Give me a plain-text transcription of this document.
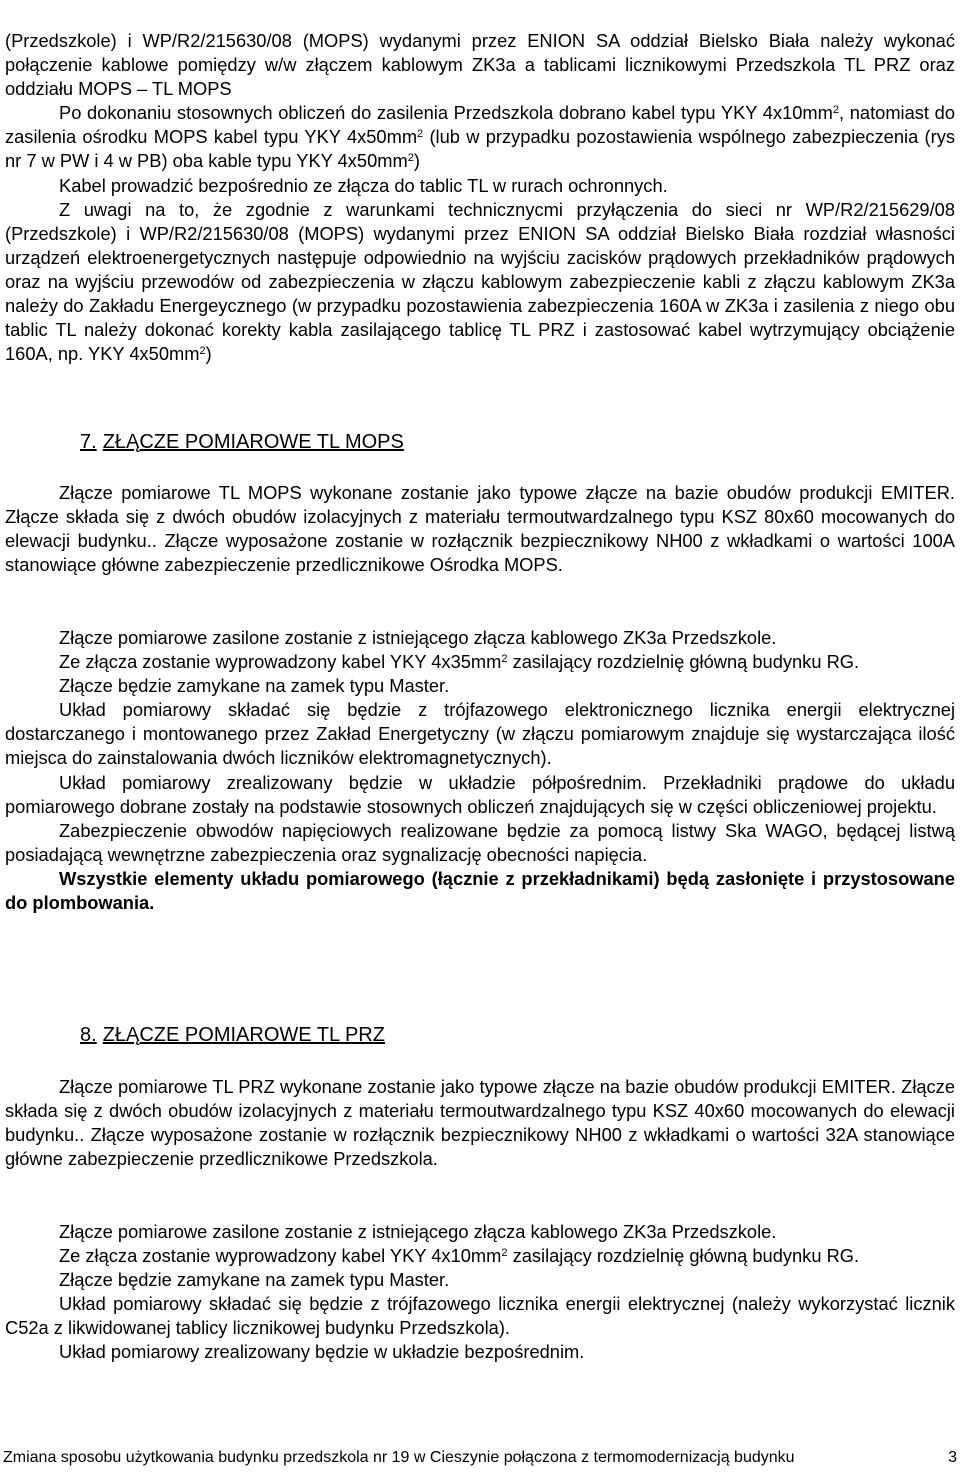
(Przedszkole) i WP/R2/215630/08 (MOPS) wydanymi przez ENION SA oddział Bielsko Biała należy wykonać połączenie kablowe pomiędzy w/w złączem kablowym ZK3a a tablicami licznikowymi Przedszkola TL PRZ oraz oddziału MOPS – TL MOPS

Po dokonaniu stosownych obliczeń do zasilenia Przedszkola dobrano kabel typu YKY $4x10mm^2$, natomiast do zasilenia ośrodku MOPS kabel typu YKY $4x50mm^2$ (lub w przypadku pozostawienia wspólnego zabezpieczenia (rys nr 7 w PW i 4 w PB) oba kable typu YKY $4x50mm^2$)

Kabel prowadzić bezpośrednio ze złącza do tablic TL w rurach ochronnych.

Z uwagi na to, że zgodnie z warunkami technicznycmi przyłączenia do sieci nr WP/R2/215629/08 (Przedszkole) i WP/R2/215630/08 (MOPS) wydanymi przez ENION SA oddział Bielsko Biała rozdział własności urządzeń elektroenergetycznych następuje odpowiednio na wyjściu zacisków prądowych przekładników prądowych oraz na wyjściu przewodów od zabezpieczenia w złączu kablowym zabezpieczenie kabli z złączu kablowym ZK3a należy do Zakładu Energeycznego (w przypadku pozostawienia zabezpieczenia 160A w ZK3a i zasilenia z niego obu tablic TL należy dokonać korekty kabla zasilającego tablicę TL PRZ i zastosować kabel wytrzymujący obciążenie 160A, np. YKY $4x50mm^2$)

7. ZŁĄCZE POMIAROWE TL MOPS

Złącze pomiarowe TL MOPS wykonane zostanie jako typowe złącze na bazie obudów produkcji EMITER. Złącze składa się z dwóch obudów izolacyjnych z materiału termoutwardzalnego typu KSZ 80x60 mocowanych do elewacji budynku.. Złącze wyposażone zostanie w rozłącznik bezpiecznikowy NH00 z wkładkami o wartości 100A stanowiące główne zabezpieczenie przedlicznikowe Ośrodka MOPS.

Złącze pomiarowe zasilone zostanie z istniejącego złącza kablowego ZK3a Przedszkole.

Ze złącza zostanie wyprowadzony kabel YKY $4x35mm^2$ zasilający rozdzielnię główną budynku RG.

Złącze będzie zamykane na zamek typu Master.

Układ pomiarowy składać się będzie z trójfazowego elektronicznego licznika energii elektrycznej dostarczanego i montowanego przez Zakład Energetyczny (w złączu pomiarowym znajduje się wystarczająca ilość miejsca do zainstalowania dwóch liczników elektromagnetycznych).

Układ pomiarowy zrealizowany będzie w układzie półpośrednim. Przekładniki prądowe do układu pomiarowego dobrane zostały na podstawie stosownych obliczeń znajdujących się w części obliczeniowej projektu.

Zabezpieczenie obwodów napięciowych realizowane będzie za pomocą listwy Ska WAGO, będącej listwą posiadającą wewnętrzne zabezpieczenia oraz sygnalizację obecności napięcia.

Wszystkie elementy układu pomiarowego (łącznie z przekładnikami) będą zasłonięte i przystosowane do plombowania.

8. ZŁĄCZE POMIAROWE TL PRZ

Złącze pomiarowe TL PRZ wykonane zostanie jako typowe złącze na bazie obudów produkcji EMITER. Złącze składa się z dwóch obudów izolacyjnych z materiału termoutwardzalnego typu KSZ 40x60 mocowanych do elewacji budynku.. Złącze wyposażone zostanie w rozłącznik bezpiecznikowy NH00 z wkładkami o wartości 32A stanowiące główne zabezpieczenie przedlicznikowe Przedszkola.

Złącze pomiarowe zasilone zostanie z istniejącego złącza kablowego ZK3a Przedszkole.

Ze złącza zostanie wyprowadzony kabel YKY $4x10mm^2$ zasilający rozdzielnię główną budynku RG.

Złącze będzie zamykane na zamek typu Master.

Układ pomiarowy składać się będzie z trójfazowego licznika energii elektrycznej (należy wykorzystać licznik C52a z likwidowanej tablicy licznikowej budynku Przedszkola).

Układ pomiarowy zrealizowany będzie w układzie bezpośrednim.

Zmiana sposobu użytkowania budynku przedszkola nr 19 w Cieszynie połączona z termomodernizacją budynku	3
